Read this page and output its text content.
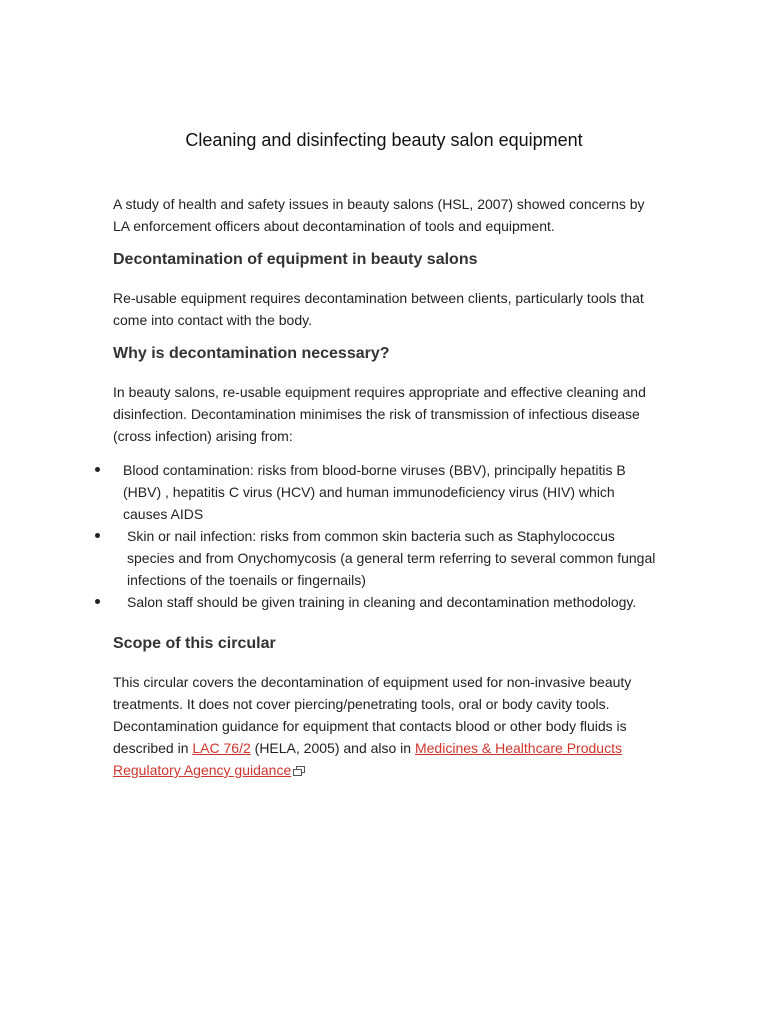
Cleaning and disinfecting beauty salon equipment

A study of health and safety issues in beauty salons (HSL, 2007) showed concerns by LA enforcement officers about decontamination of tools and equipment.

Decontamination of equipment in beauty salons

Re-usable equipment requires decontamination between clients, particularly tools that come into contact with the body.

Why is decontamination necessary?

In beauty salons, re-usable equipment requires appropriate and effective cleaning and disinfection. Decontamination minimises the risk of transmission of infectious disease (cross infection) arising from:

Blood contamination: risks from blood-borne viruses (BBV), principally hepatitis B (HBV) , hepatitis C virus (HCV) and human immunodeficiency virus (HIV) which causes AIDS
Skin or nail infection: risks from common skin bacteria such as Staphylococcus species and from Onychomycosis (a general term referring to several common fungal infections of the toenails or fingernails)
Salon staff should be given training in cleaning and decontamination methodology.
Scope of this circular

This circular covers the decontamination of equipment used for non-invasive beauty treatments. It does not cover piercing/penetrating tools, oral or body cavity tools. Decontamination guidance for equipment that contacts blood or other body fluids is described in LAC 76/2 (HELA, 2005) and also in Medicines & Healthcare Products Regulatory Agency guidance
